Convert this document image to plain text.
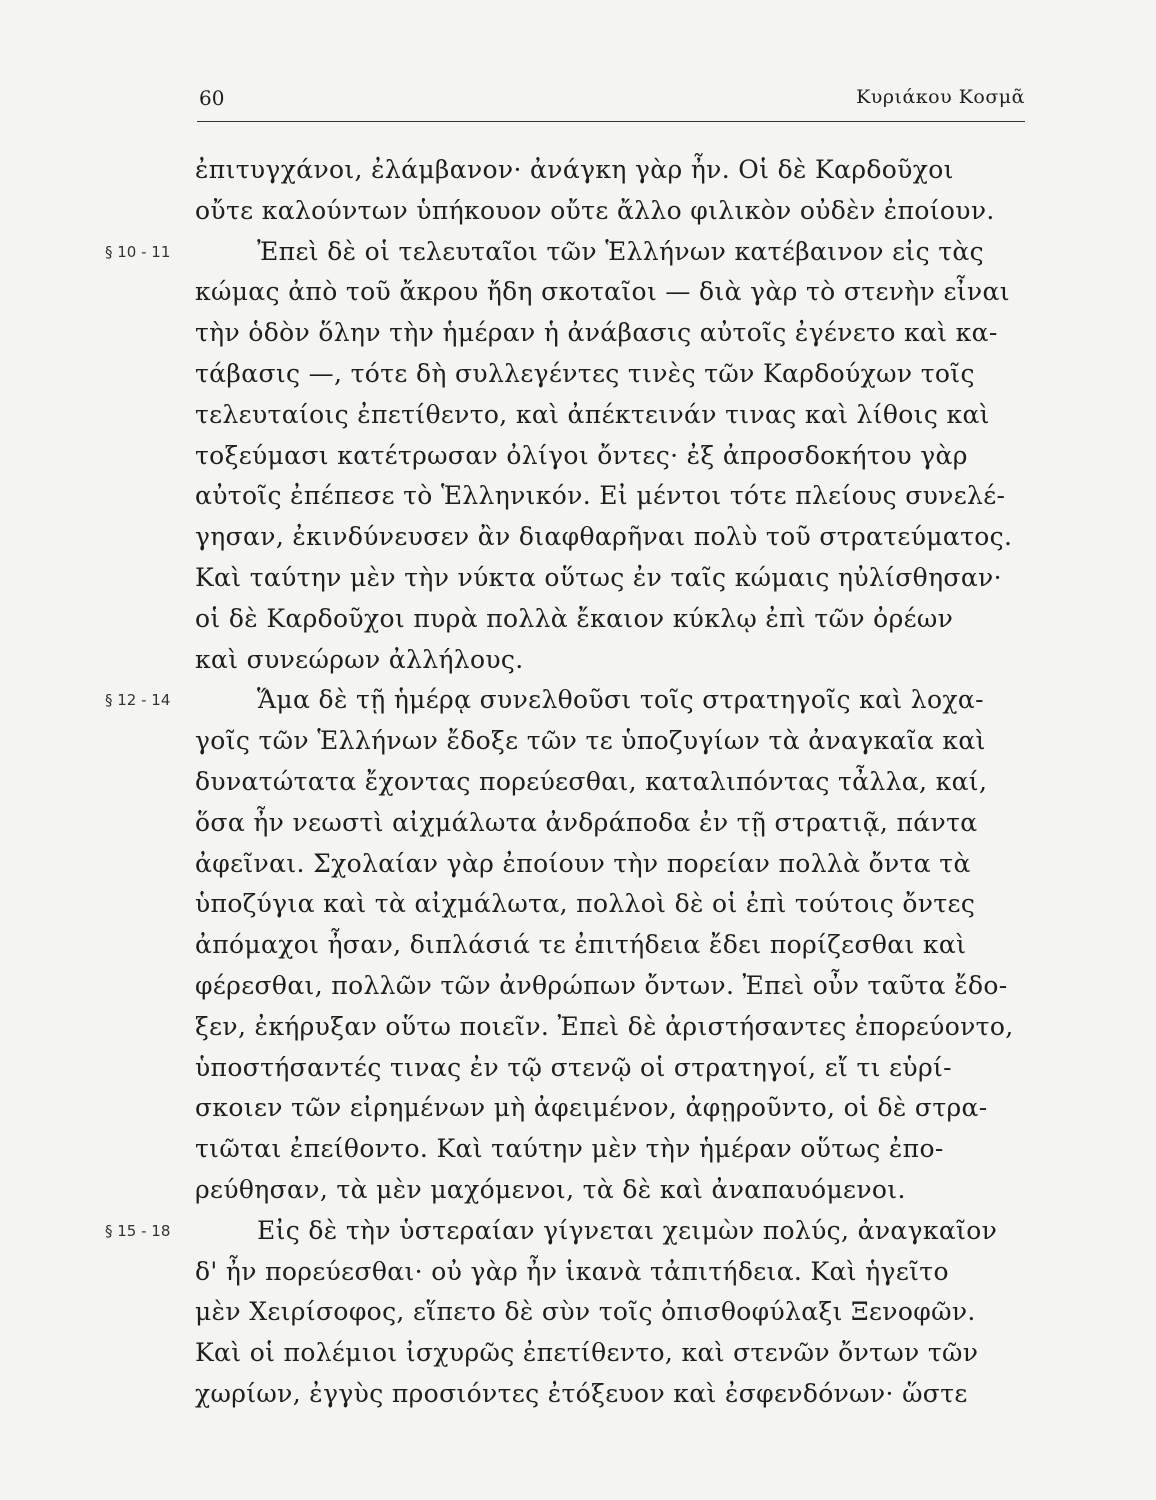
60	Κυριάκου Κοσμᾶ
ἐπιτυγχάνοι, ἐλάμβανον· ἀνάγκη γὰρ ἦν. Οἱ δὲ Καρδοῦχοι
οὔτε καλούντων ὑπήκουον οὔτε ἄλλο φιλικὸν οὐδὲν ἐποίουν.
§ 10 - 11	Ἐπεὶ δὲ οἱ τελευταῖοι τῶν Ἑλλήνων κατέβαινον εἰς τὰς
κώμας ἀπὸ τοῦ ἄκρου ἤδη σκοταῖοι — διὰ γὰρ τὸ στενὴν εἶναι
τὴν ὁδὸν ὅλην τὴν ἡμέραν ἡ ἀνάβασις αὐτοῖς ἐγένετο καὶ κα-
τάβασις —, τότε δὴ συλλεγέντες τινὲς τῶν Καρδούχων τοῖς
τελευταίοις ἐπετίθεντο, καὶ ἀπέκτεινάν τινας καὶ λίθοις καὶ
τοξεύμασι κατέτρωσαν ὀλίγοι ὄντες· ἐξ ἀπροσδοκήτου γὰρ
αὐτοῖς ἐπέπεσε τὸ Ἑλληνικόν. Εἰ μέντοι τότε πλείους συνελέ-
γησαν, ἐκινδύνευσεν ἂν διαφθαρῆναι πολὺ τοῦ στρατεύματος.
Καὶ ταύτην μὲν τὴν νύκτα οὕτως ἐν ταῖς κώμαις ηὐλίσθησαν·
οἱ δὲ Καρδοῦχοι πυρὰ πολλὰ ἔκαιον κύκλῳ ἐπὶ τῶν ὀρέων
καὶ συνεώρων ἀλλήλους.
§ 12 - 14	Ἅμα δὲ τῇ ἡμέρᾳ συνελθοῦσι τοῖς στρατηγοῖς καὶ λοχα-
γοῖς τῶν Ἑλλήνων ἔδοξε τῶν τε ὑποζυγίων τὰ ἀναγκαῖα καὶ
δυνατώτατα ἔχοντας πορεύεσθαι, καταλιπόντας τἆλλα, καί,
ὅσα ἦν νεωστὶ αἰχμάλωτα ἀνδράποδα ἐν τῇ στρατιᾷ, πάντα
ἀφεῖναι. Σχολαίαν γὰρ ἐποίουν τὴν πορείαν πολλὰ ὄντα τὰ
ὑποζύγια καὶ τὰ αἰχμάλωτα, πολλοὶ δὲ οἱ ἐπὶ τούτοις ὄντες
ἀπόμαχοι ἦσαν, διπλάσιά τε ἐπιτήδεια ἔδει πορίζεσθαι καὶ
φέρεσθαι, πολλῶν τῶν ἀνθρώπων ὄντων. Ἐπεὶ οὖν ταῦτα ἔδο-
ξεν, ἐκήρυξαν οὕτω ποιεῖν. Ἐπεὶ δὲ ἀριστήσαντες ἐπορεύοντο,
ὑποστήσαντές τινας ἐν τῷ στενῷ οἱ στρατηγοί, εἴ τι εὑρί-
σκοιεν τῶν εἰρημένων μὴ ἀφειμένον, ἀφῃροῦντο, οἱ δὲ στρα-
τιῶται ἐπείθοντο. Καὶ ταύτην μὲν τὴν ἡμέραν οὕτως ἐπο-
ρεύθησαν, τὰ μὲν μαχόμενοι, τὰ δὲ καὶ ἀναπαυόμενοι.
§ 15 - 18	Εἰς δὲ τὴν ὑστεραίαν γίγνεται χειμὼν πολύς, ἀναγκαῖον
δ' ἦν πορεύεσθαι· οὐ γὰρ ἦν ἱκανὰ τἀπιτήδεια. Καὶ ἡγεῖτο
μὲν Χειρίσοφος, εἵπετο δὲ σὺν τοῖς ὀπισθοφύλαξι Ξενοφῶν.
Καὶ οἱ πολέμιοι ἰσχυρῶς ἐπετίθεντο, καὶ στενῶν ὄντων τῶν
χωρίων, ἐγγὺς προσιόντες ἐτόξευον καὶ ἐσφενδόνων· ὥστε
